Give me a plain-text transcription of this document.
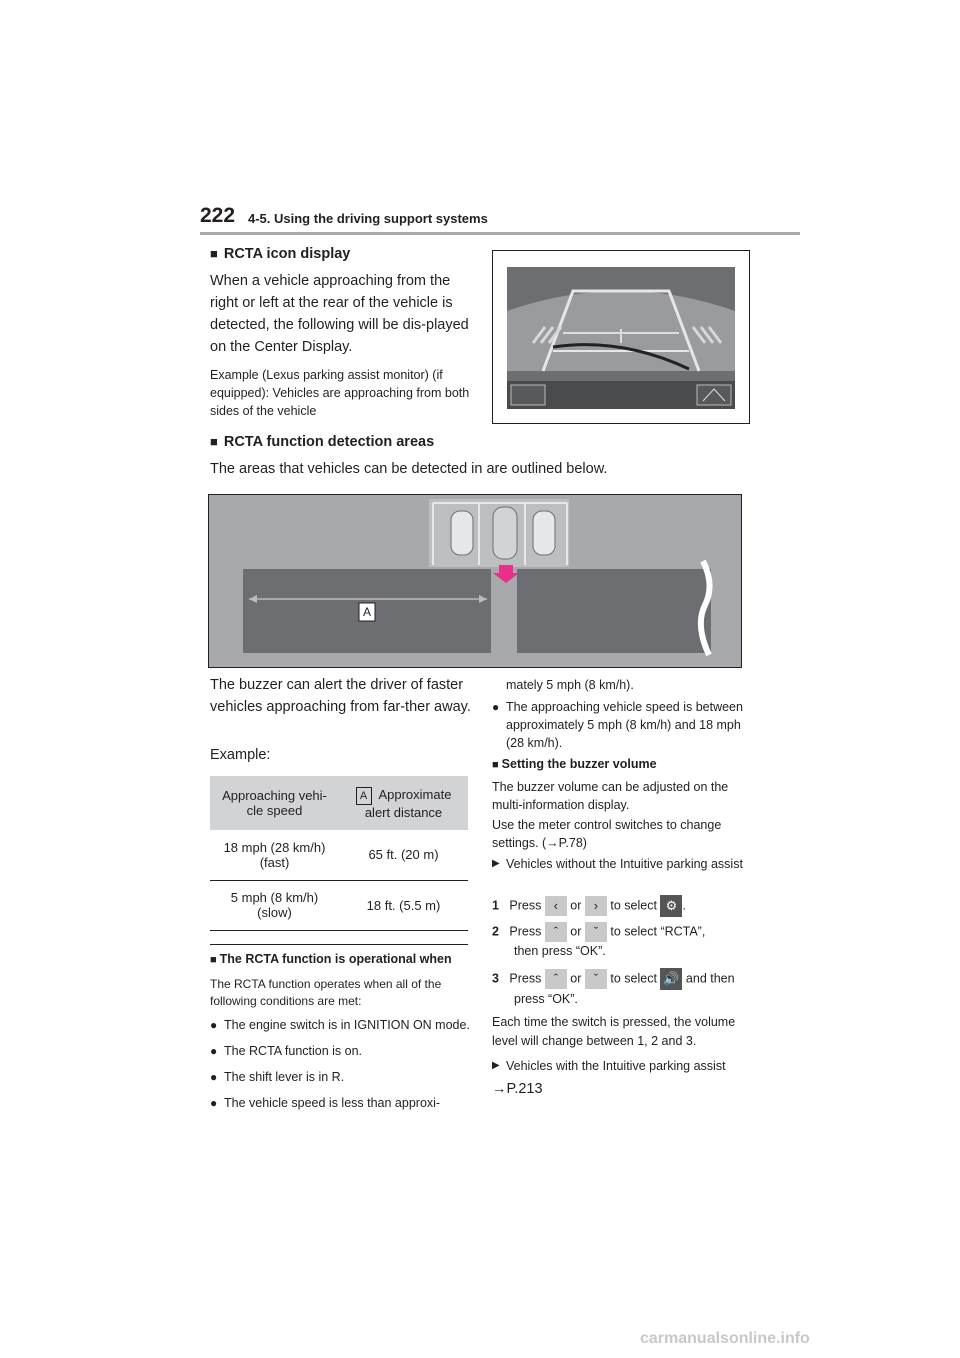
222 4-5. Using the driving support systems
■ RCTA icon display
When a vehicle approaching from the right or left at the rear of the vehicle is detected, the following will be dis-played on the Center Display.
Example (Lexus parking assist monitor) (if equipped): Vehicles are approaching from both sides of the vehicle
■ RCTA function detection areas
The areas that vehicles can be detected in are outlined below.
A
The buzzer can alert the driver of faster vehicles approaching from far-ther away.
Example:
Approaching vehi-cle speed	A Approximate alert distance
18 mph (28 km/h)
(fast)	65 ft. (20 m)
5 mph (8 km/h)
(slow)	18 ft. (5.5 m)
■ The RCTA function is operational when
The RCTA function operates when all of the following conditions are met:
● The engine switch is in IGNITION ON mode.
● The RCTA function is on.
● The shift lever is in R.
● The vehicle speed is less than approxi-
mately 5 mph (8 km/h).
● The approaching vehicle speed is between approximately 5 mph (8 km/h) and 18 mph (28 km/h).
■ Setting the buzzer volume
The buzzer volume can be adjusted on the multi-information display.
Use the meter control switches to change settings. (→P.78)
▶ Vehicles without the Intuitive parking assist
1 Press ‹ or › to select ⚙ .
2 Press ˆ or ˇ to select “RCTA”,
then press “OK”.
3 Press ˆ or ˇ to select 🔊 and then
press “OK”.
Each time the switch is pressed, the volume level will change between 1, 2 and 3.
▶ Vehicles with the Intuitive parking assist
→P.213
carmanualsonline.info
